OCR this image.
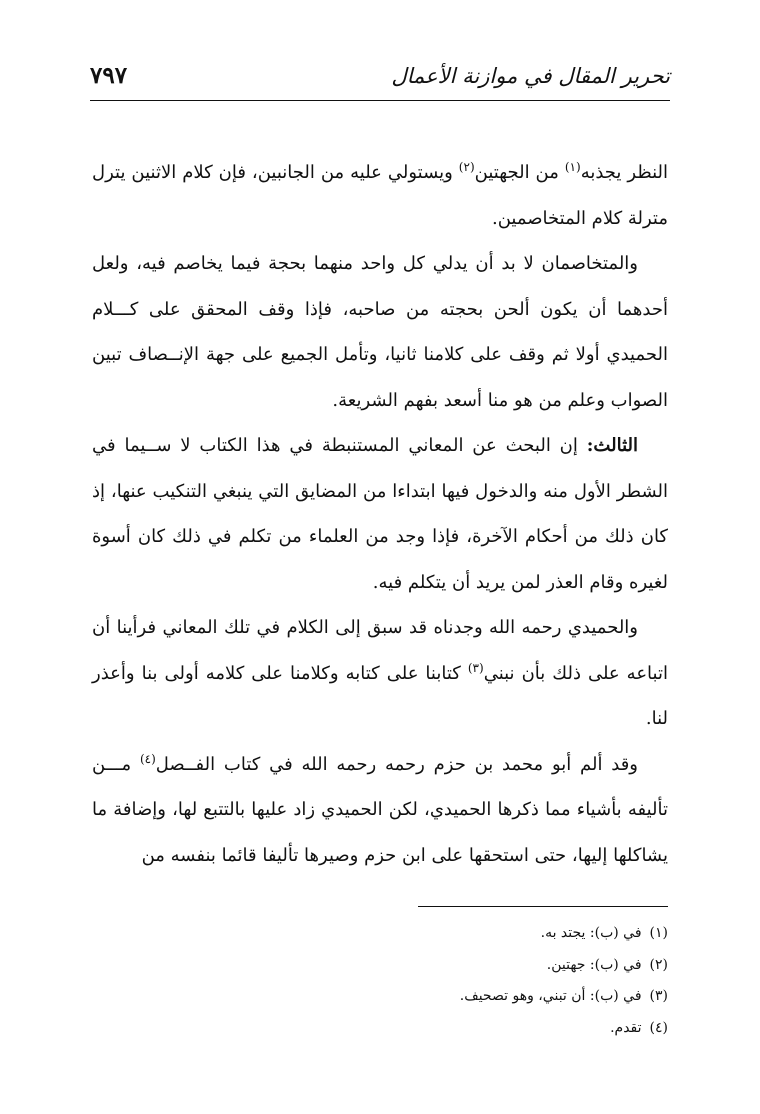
تحرير المقال في موازنة الأعمال
٧٩٧

النظر يجذبه$^{(١)}$ من الجهتين$^{(٢)}$ ويستولي عليه من الجانبين، فإن كلام الاثنين يترل مترلة كلام المتخاصمين.

والمتخاصمان لا بد أن يدلي كل واحد منهما بحجة فيما يخاصم فيه، ولعل أحدهما أن يكون ألحن بحجته من صاحبه، فإذا وقف المحقق على كـــلام الحميدي أولا ثم وقف على كلامنا ثانيا، وتأمل الجميع على جهة الإنــصاف تبين الصواب وعلم من هو منا أسعد بفهم الشريعة.

الثالث: إن البحث عن المعاني المستنبطة في هذا الكتاب لا ســيما في الشطر الأول منه والدخول فيها ابتداءا من المضايق التي ينبغي التنكيب عنها، إذ كان ذلك من أحكام الآخرة، فإذا وجد من العلماء من تكلم في ذلك كان أسوة لغيره وقام العذر لمن يريد أن يتكلم فيه.

والحميدي رحمه الله وجدناه قد سبق إلى الكلام في تلك المعاني فرأينا أن اتباعه على ذلك بأن نبني$^{(٣)}$ كتابنا على كتابه وكلامنا على كلامه أولى بنا وأعذر لنا.

وقد ألم أبو محمد بن حزم رحمه رحمه الله في كتاب الفــصل$^{(٤)}$ مـــن تأليفه بأشياء مما ذكرها الحميدي، لكن الحميدي زاد عليها بالتتبع لها، وإضافة ما يشاكلها إليها، حتى استحقها على ابن حزم وصيرها تأليفا قائما بنفسه من

(١)في (ب): يجتد به.
(٢)في (ب): جهتين.
(٣)في (ب): أن تبني، وهو تصحيف.
(٤)تقدم.
